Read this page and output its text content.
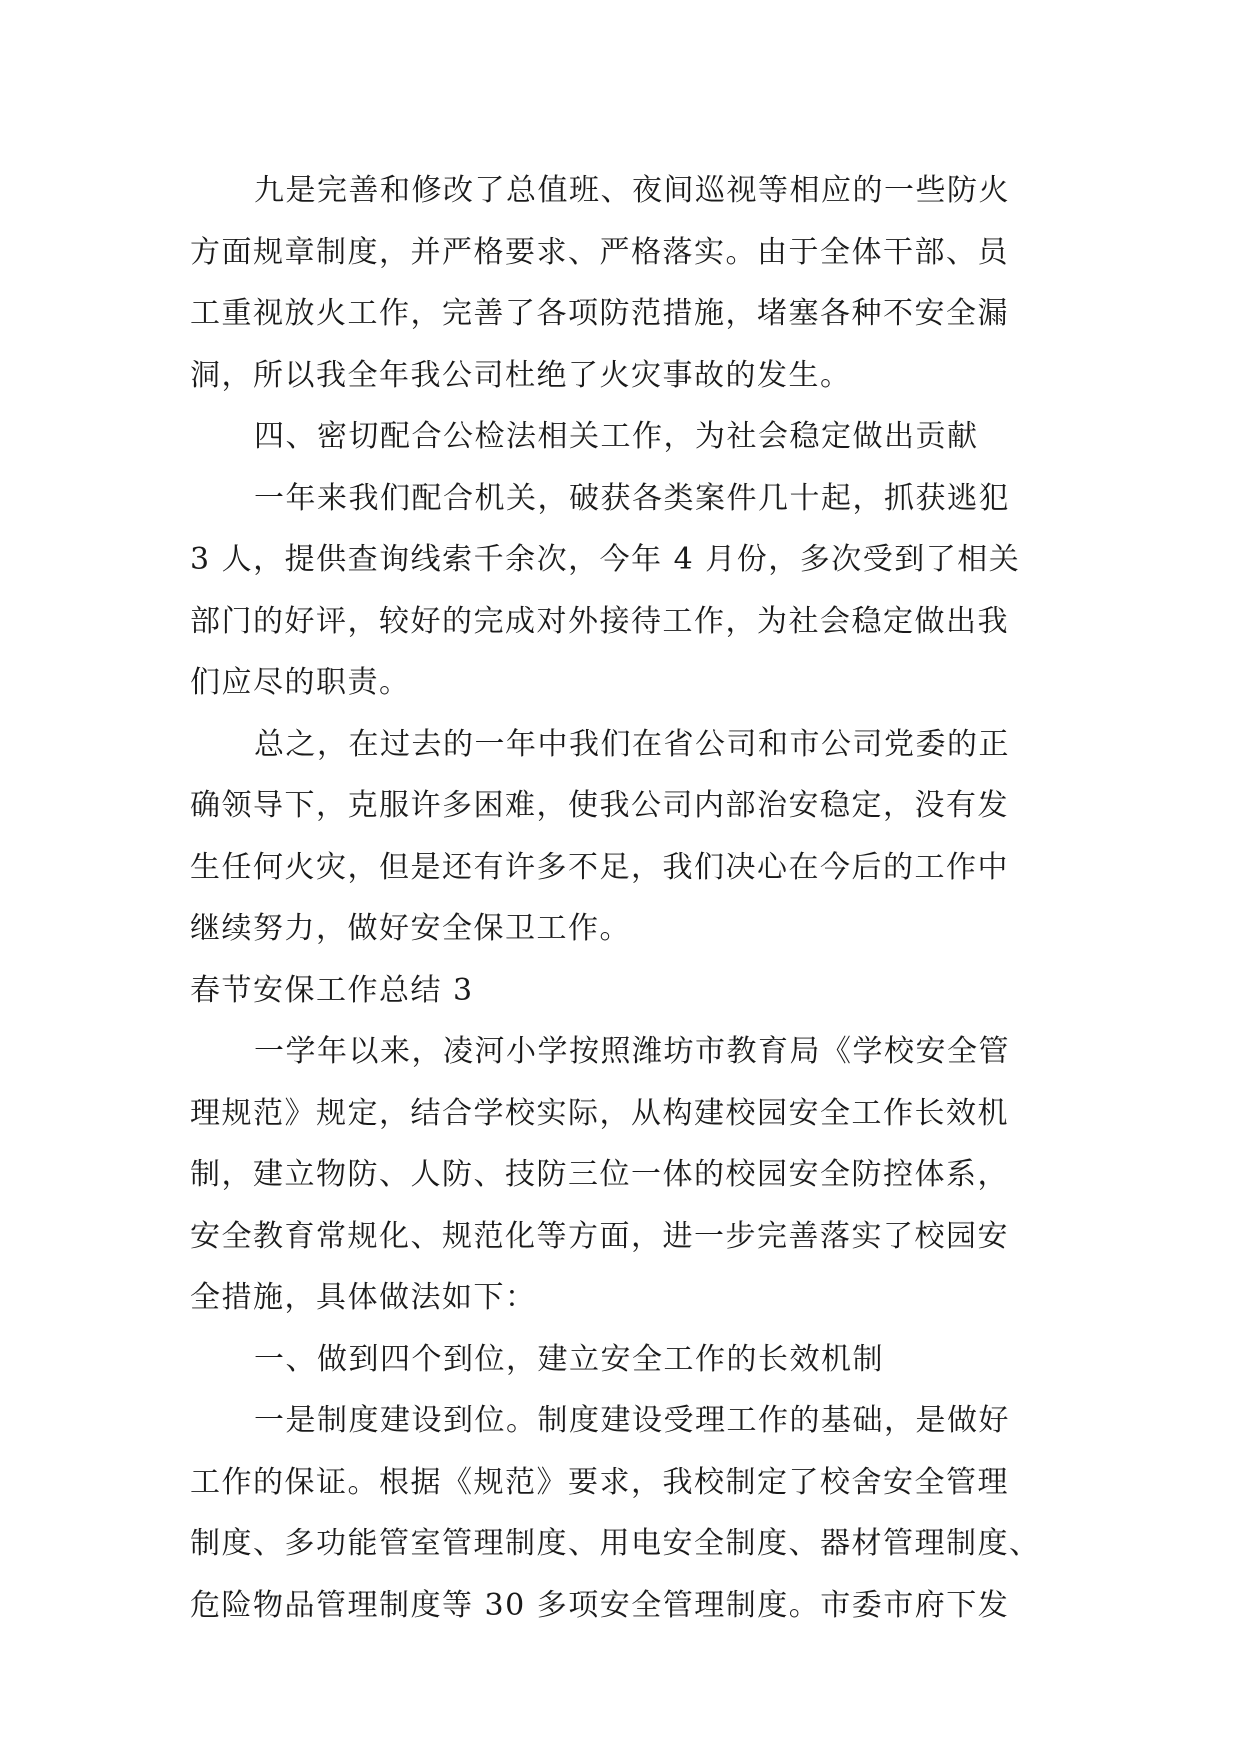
九是完善和修改了总值班、夜间巡视等相应的一些防火
方面规章制度，并严格要求、严格落实。由于全体干部、员
工重视放火工作，完善了各项防范措施，堵塞各种不安全漏
洞，所以我全年我公司杜绝了火灾事故的发生。
四、密切配合公检法相关工作，为社会稳定做出贡献
一年来我们配合机关，破获各类案件几十起，抓获逃犯
3 人，提供查询线索千余次，今年 4 月份，多次受到了相关
部门的好评，较好的完成对外接待工作，为社会稳定做出我
们应尽的职责。
总之，在过去的一年中我们在省公司和市公司党委的正
确领导下，克服许多困难，使我公司内部治安稳定，没有发
生任何火灾，但是还有许多不足，我们决心在今后的工作中
继续努力，做好安全保卫工作。
春节安保工作总结 3
一学年以来，凌河小学按照潍坊市教育局《学校安全管
理规范》规定，结合学校实际，从构建校园安全工作长效机
制，建立物防、人防、技防三位一体的校园安全防控体系，
安全教育常规化、规范化等方面，进一步完善落实了校园安
全措施，具体做法如下：
一、做到四个到位，建立安全工作的长效机制
一是制度建设到位。制度建设受理工作的基础，是做好
工作的保证。根据《规范》要求，我校制定了校舍安全管理
制度、多功能管室管理制度、用电安全制度、器材管理制度、
危险物品管理制度等 30 多项安全管理制度。市委市府下发
